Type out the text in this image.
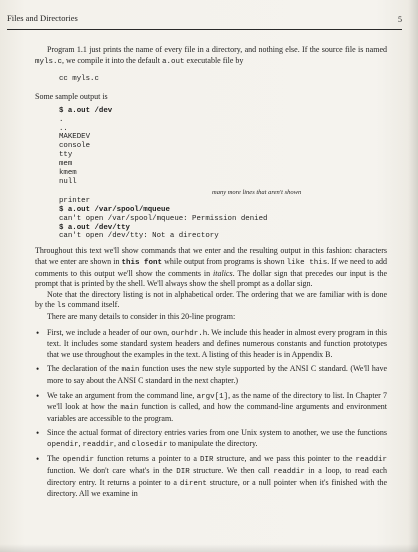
Files and Directories	5

Program 1.1 just prints the name of every file in a directory, and nothing else. If the source file is named myls.c, we compile it into the default a.out executable file by

cc myls.c

Some sample output is

$ a.out /dev
.
..
MAKEDEV
console
tty
mem
kmem
null
many more lines that aren't shown
printer
$ a.out /var/spool/mqueue
can't open /var/spool/mqueue: Permission denied
$ a.out /dev/tty
can't open /dev/tty: Not a directory

Throughout this text we'll show commands that we enter and the resulting output in this fashion: characters that we enter are shown in this font while output from programs is shown like this. If we need to add comments to this output we'll show the comments in italics. The dollar sign that precedes our input is the prompt that is printed by the shell. We'll always show the shell prompt as a dollar sign.

Note that the directory listing is not in alphabetical order. The ordering that we are familiar with is done by the ls command itself.

There are many details to consider in this 20-line program:

• First, we include a header of our own, ourhdr.h. We include this header in almost every program in this text. It includes some standard system headers and defines numerous constants and function prototypes that we use throughout the examples in the text. A listing of this header is in Appendix B.
• The declaration of the main function uses the new style supported by the ANSI C standard. (We'll have more to say about the ANSI C standard in the next chapter.)
• We take an argument from the command line, argv[1], as the name of the directory to list. In Chapter 7 we'll look at how the main function is called, and how the command-line arguments and environment variables are accessible to the program.
• Since the actual format of directory entries varies from one Unix system to another, we use the functions opendir, readdir, and closedir to manipulate the directory.
• The opendir function returns a pointer to a DIR structure, and we pass this pointer to the readdir function. We don't care what's in the DIR structure. We then call readdir in a loop, to read each directory entry. It returns a pointer to a dirent structure, or a null pointer when it's finished with the directory. All we examine in
